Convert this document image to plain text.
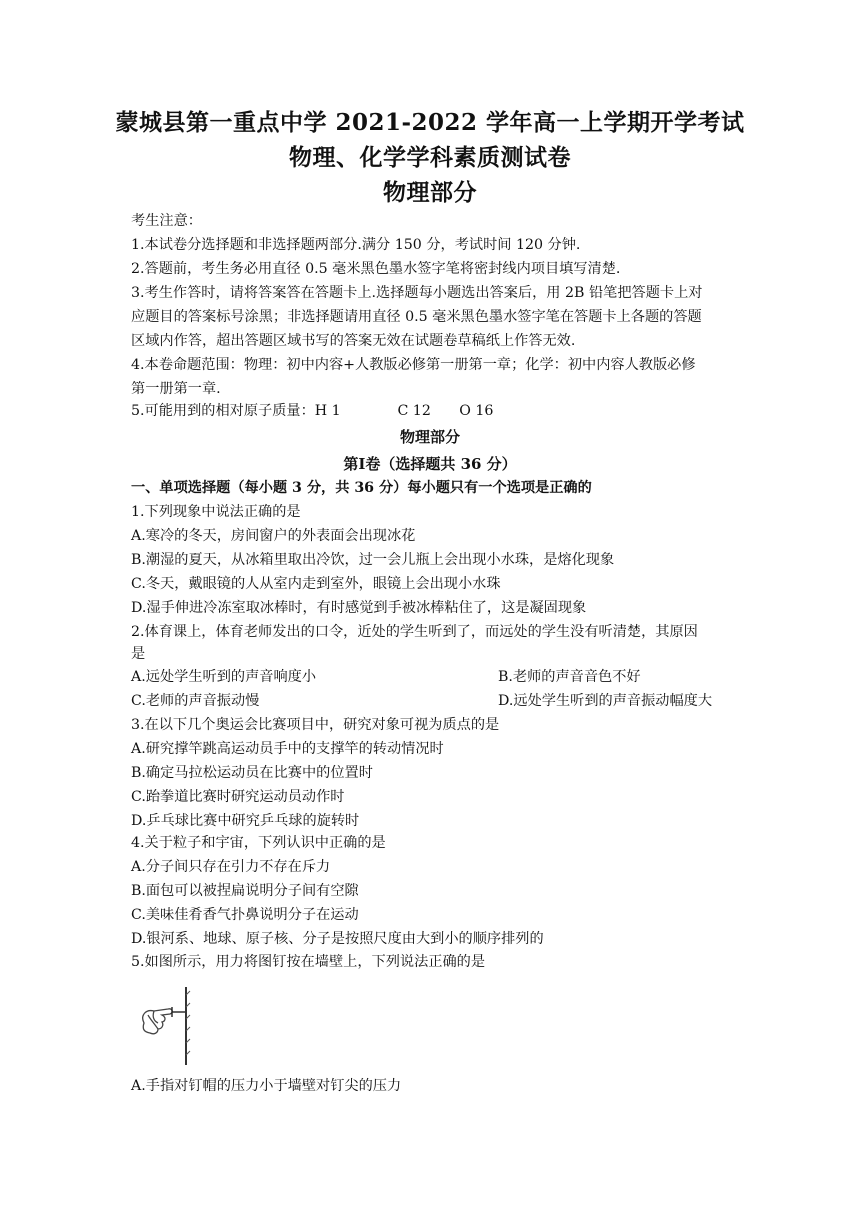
蒙城县第一重点中学 2021-2022 学年高一上学期开学考试
物理、化学学科素质测试卷
物理部分
考生注意：
1.本试卷分选择题和非选择题两部分.满分 150 分，考试时间 120 分钟.
2.答题前，考生务必用直径 0.5 毫米黑色墨水签字笔将密封线内项目填写清楚.
3.考生作答时，请将答案答在答题卡上.选择题每小题选出答案后，用 2B 铅笔把答题卡上对
应题目的答案标号涂黑；非选择题请用直径 0.5 毫米黑色墨水签字笔在答题卡上各题的答题
区域内作答，超出答题区域书写的答案无效在试题卷草稿纸上作答无效.
4.本卷命题范围：物理：初中内容+人教版必修第一册第一章；化学：初中内容人教版必修
第一册第一章.
5.可能用到的相对原子质量：H 1　　　　C 12　　O 16
物理部分
第Ⅰ卷（选择题共 36 分）
一、单项选择题（每小题 3 分，共 36 分）每小题只有一个选项是正确的
1.下列现象中说法正确的是
A.寒冷的冬天，房间窗户的外表面会出现冰花
B.潮湿的夏天，从冰箱里取出冷饮，过一会儿瓶上会出现小水珠，是熔化现象
C.冬天，戴眼镜的人从室内走到室外，眼镜上会出现小水珠
D.湿手伸进冷冻室取冰棒时，有时感觉到手被冰棒粘住了，这是凝固现象
2.体育课上，体育老师发出的口令，近处的学生听到了，而远处的学生没有听清楚，其原因
是
A.远处学生听到的声音响度小	B.老师的声音音色不好
C.老师的声音振动慢	D.远处学生听到的声音振动幅度大
3.在以下几个奥运会比赛项目中，研究对象可视为质点的是
A.研究撑竿跳高运动员手中的支撑竿的转动情况时
B.确定马拉松运动员在比赛中的位置时
C.跆拳道比赛时研究运动员动作时
D.乒乓球比赛中研究乒乓球的旋转时
4.关于粒子和宇宙，下列认识中正确的是
A.分子间只存在引力不存在斥力
B.面包可以被捏扁说明分子间有空隙
C.美味佳肴香气扑鼻说明分子在运动
D.银河系、地球、原子核、分子是按照尺度由大到小的顺序排列的
5.如图所示，用力将图钉按在墙壁上，下列说法正确的是
A.手指对钉帽的压力小于墙壁对钉尖的压力
